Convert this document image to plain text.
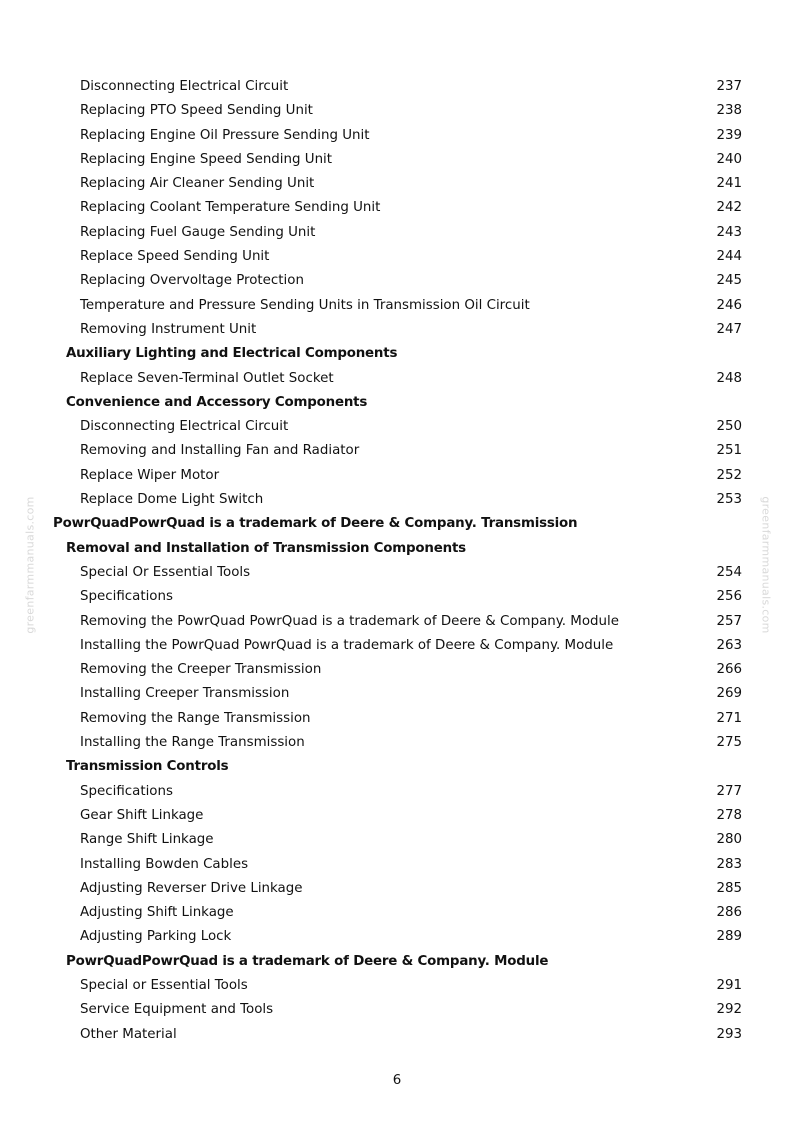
Disconnecting Electrical Circuit	237
Replacing PTO Speed Sending Unit	238
Replacing Engine Oil Pressure Sending Unit	239
Replacing Engine Speed Sending Unit	240
Replacing Air Cleaner Sending Unit	241
Replacing Coolant Temperature Sending Unit	242
Replacing Fuel Gauge Sending Unit	243
Replace Speed Sending Unit	244
Replacing Overvoltage Protection	245
Temperature and Pressure Sending Units in Transmission Oil Circuit	246
Removing Instrument Unit	247
Auxiliary Lighting and Electrical Components
Replace Seven-Terminal Outlet Socket	248
Convenience and Accessory Components
Disconnecting Electrical Circuit	250
Removing and Installing Fan and Radiator	251
Replace Wiper Motor	252
Replace Dome Light Switch	253
PowrQuadPowrQuad is a trademark of Deere & Company. Transmission
Removal and Installation of Transmission Components
Special Or Essential Tools	254
Specifications	256
Removing the PowrQuad PowrQuad is a trademark of Deere & Company. Module	257
Installing the PowrQuad PowrQuad is a trademark of Deere & Company. Module	263
Removing the Creeper Transmission	266
Installing Creeper Transmission	269
Removing the Range Transmission	271
Installing the Range Transmission	275
Transmission Controls
Specifications	277
Gear Shift Linkage	278
Range Shift Linkage	280
Installing Bowden Cables	283
Adjusting Reverser Drive Linkage	285
Adjusting Shift Linkage	286
Adjusting Parking Lock	289
PowrQuadPowrQuad is a trademark of Deere & Company. Module
Special or Essential Tools	291
Service Equipment and Tools	292
Other Material	293
greenfarmmanuals.com	greenfarmmanuals.com
6
